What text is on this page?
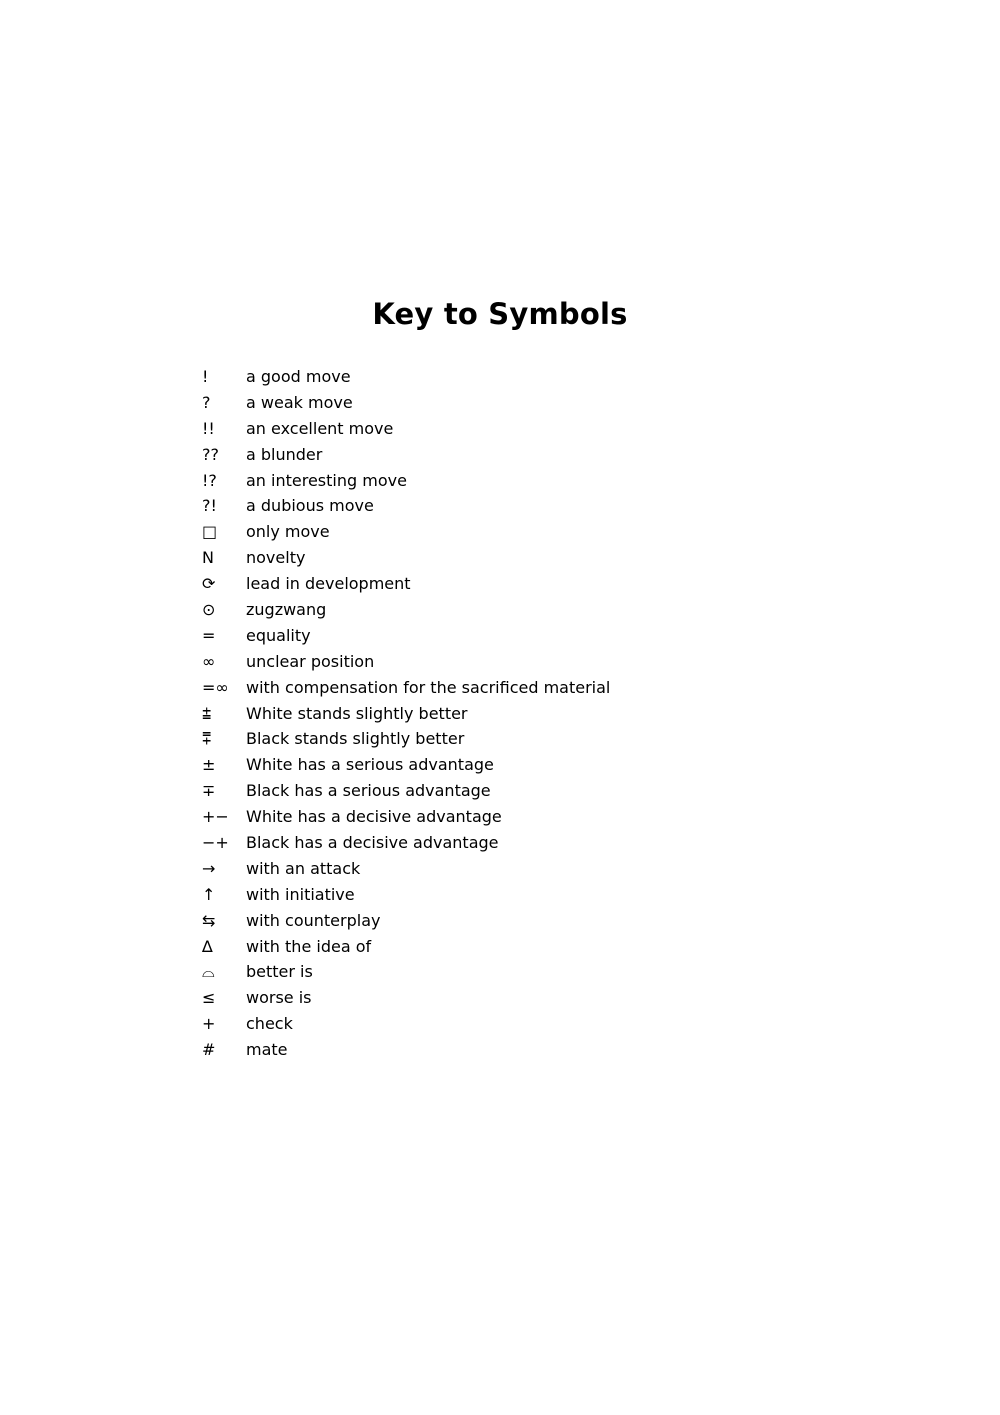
Key to Symbols
!	a good move
?	a weak move
!!	an excellent move
??	a blunder
!?	an interesting move
?!	a dubious move
□	only move
N	novelty
⟳	lead in development
⊙	zugzwang
=	equality
∞	unclear position
=∞	with compensation for the sacrificed material
⩲	White stands slightly better
⩱	Black stands slightly better
±	White has a serious advantage
∓	Black has a serious advantage
+−	White has a decisive advantage
−+	Black has a decisive advantage
→	with an attack
↑	with initiative
⇆	with counterplay
∆	with the idea of
⌓	better is
≤	worse is
+	check
#	mate
